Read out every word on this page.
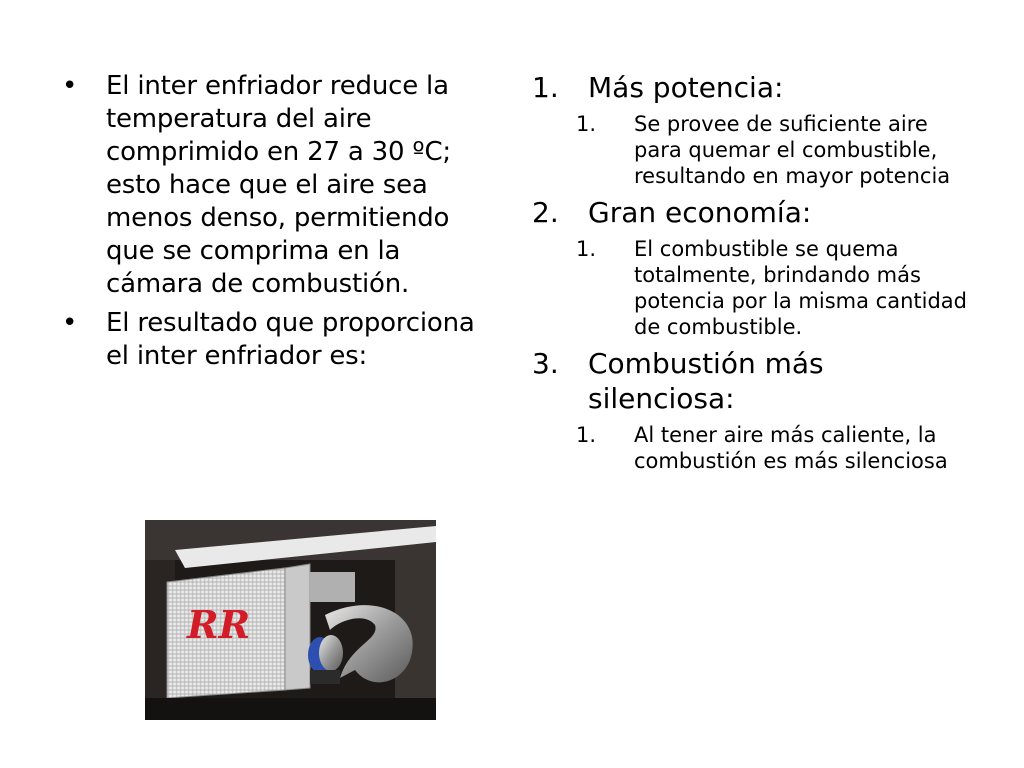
•	El inter enfriador reduce la temperatura del aire comprimido en 27 a 30 ºC; esto hace que el aire sea menos denso, permitiendo que se comprima en la cámara de combustión.
•	El resultado que proporciona el inter enfriador es:
RR
1.	Más potencia:
1.	Se provee de suficiente aire para quemar el combustible, resultando en mayor potencia
2.	Gran economía:
1.	El combustible se quema totalmente, brindando más potencia por la misma cantidad de combustible.
3.	Combustión más silenciosa:
1.	Al tener aire más caliente, la combustión es más silenciosa
